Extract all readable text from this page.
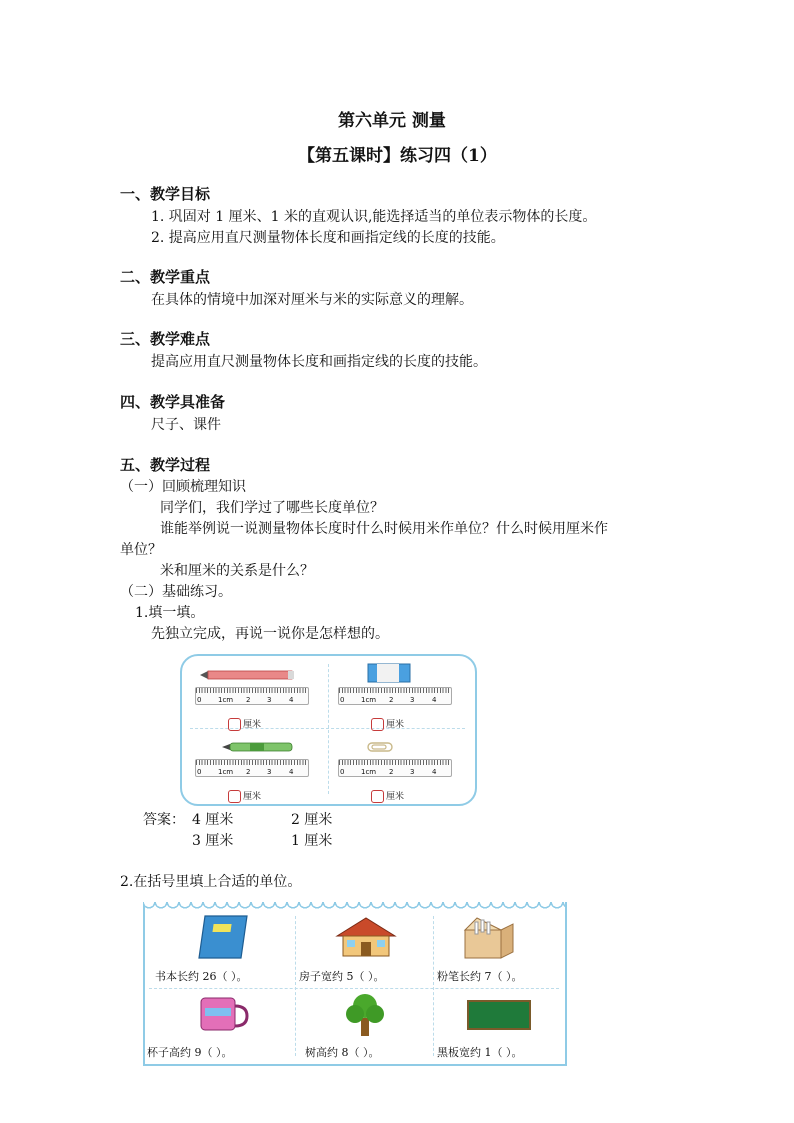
第六单元 测量
【第五课时】练习四（1）
一、教学目标
1. 巩固对 1 厘米、1 米的直观认识,能选择适当的单位表示物体的长度。
2. 提高应用直尺测量物体长度和画指定线的长度的技能。
二、教学重点
在具体的情境中加深对厘米与米的实际意义的理解。
三、教学难点
提高应用直尺测量物体长度和画指定线的长度的技能。
四、教学具准备
尺子、课件
五、教学过程
（一）回顾梳理知识
同学们，我们学过了哪些长度单位？
谁能举例说一说测量物体长度时什么时候用米作单位？什么时候用厘米作
单位？
米和厘米的关系是什么？
（二）基础练习。
1.填一填。
先独立完成，再说一说你是怎样想的。
0 1cm 2 3	4
厘米
0 1cm 2 3	4
厘米
0 1cm 2 3	4
厘米
0 1cm 2 3	4
厘米
答案： 4 厘米	2 厘米
3 厘米	1 厘米
2.在括号里填上合适的单位。
书本长约 26（ ）。	房子宽约 5（ ）。	粉笔长约 7（ ）。
杯子高约 9（ ）。	树高约 8（ ）。	黑板宽约 1（ ）。
